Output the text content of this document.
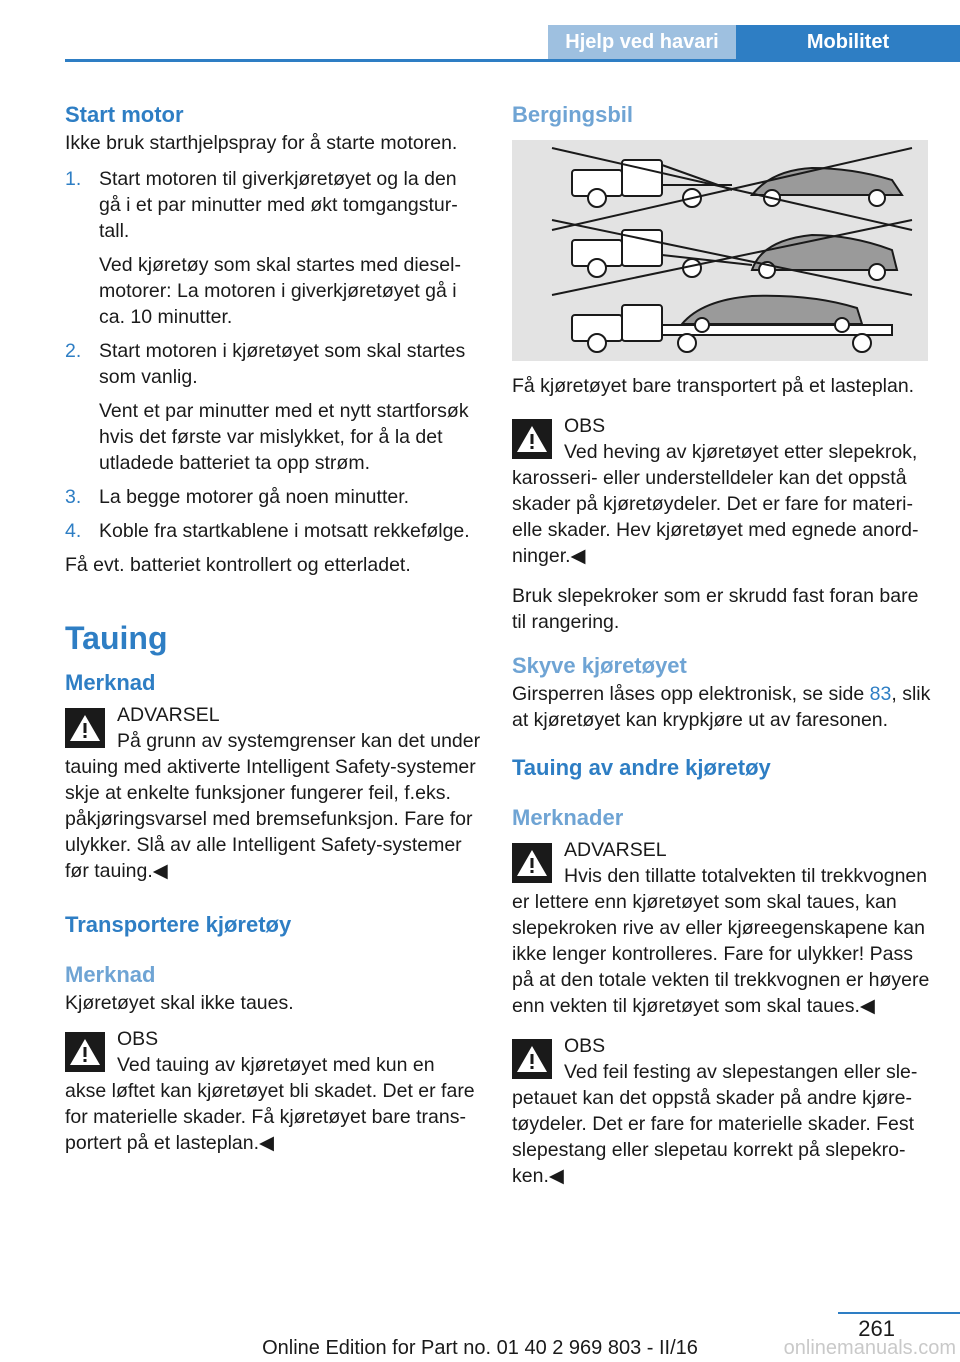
Hjelp ved havari	Mobilitet
Start motor

Ikke bruk starthjelpspray for å starte motoren.

1. Start motoren til giverkjøretøyet og la den gå i et par minutter med økt tomgangsturtall.
Ved kjøretøy som skal startes med dieselmotorer: La motoren i giverkjøretøyet gå i ca. 10 minutter.
2. Start motoren i kjøretøyet som skal startes som vanlig.
Vent et par minutter med et nytt startforsøk hvis det første var mislykket, for å la det utladede batteriet ta opp strøm.
3. La begge motorer gå noen minutter.
4. Koble fra startkablene i motsatt rekkefølge.

Få evt. batteriet kontrollert og etterladet.

Tauing
Merknad
ADVARSEL
På grunn av systemgrenser kan det under tauing med aktiverte Intelligent Safety-systemer skje at enkelte funksjoner fungerer feil, f.eks. påkjøringsvarsel med bremsefunksjon. Fare for ulykker. Slå av alle Intelligent Safety-systemer før tauing.◀
Transportere kjøretøy
Merknad

Kjøretøyet skal ikke taues.

OBS
Ved tauing av kjøretøyet med kun en akse løftet kan kjøretøyet bli skadet. Det er fare for materielle skader. Få kjøretøyet bare transportert på et lasteplan.◀
Bergingsbil

Få kjøretøyet bare transportert på et lasteplan.

OBS
Ved heving av kjøretøyet etter slepekrok, karosseri- eller understelldeler kan det oppstå skader på kjøretøydeler. Det er fare for materielle skader. Hev kjøretøyet med egnede anordninger.◀

Bruk slepekroker som er skrudd fast foran bare til rangering.

Skyve kjøretøyet

Girsperren låses opp elektronisk, se side 83, slik at kjøretøyet kan krypkjøre ut av faresonen.

Tauing av andre kjøretøy
Merknader
ADVARSEL
Hvis den tillatte totalvekten til trekkvognen er lettere enn kjøretøyet som skal taues, kan slepekroken rive av eller kjøreegenskapene kan ikke lenger kontrolleres. Fare for ulykker! Pass på at den totale vekten til trekkvognen er høyere enn vekten til kjøretøyet som skal taues.◀
OBS
Ved feil festing av slepestangen eller slepetauet kan det oppstå skader på andre kjøretøydeler. Det er fare for materielle skader. Fest slepestang eller slepetau korrekt på slepekroken.◀
261
Online Edition for Part no. 01 40 2 969 803 - II/16	onlinemanuals.com
